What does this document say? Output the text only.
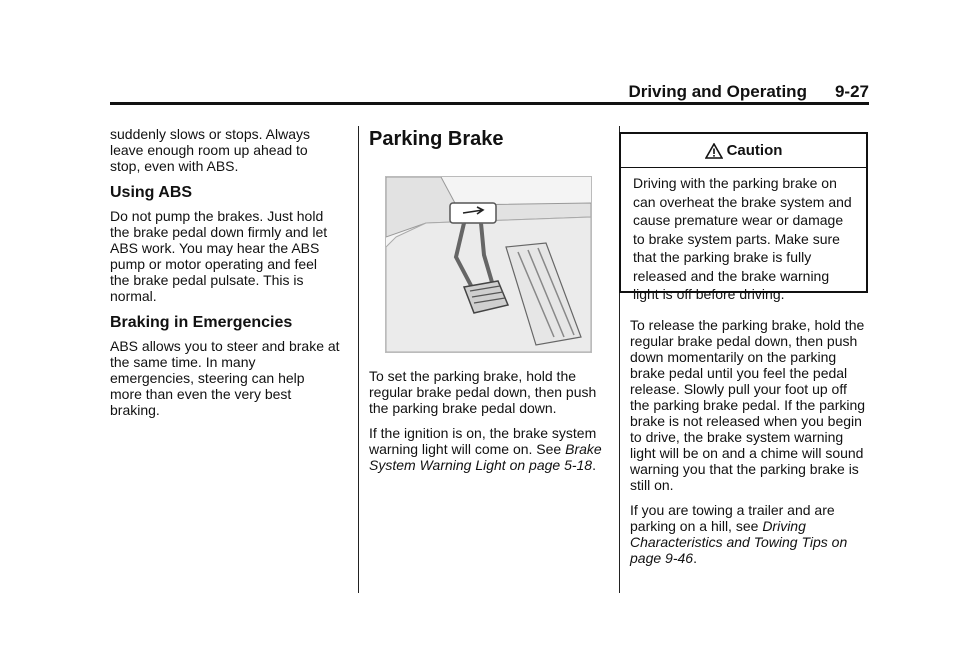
Driving and Operating 9-27

suddenly slows or stops. Always leave enough room up ahead to stop, even with ABS.

Using ABS

Do not pump the brakes. Just hold the brake pedal down firmly and let ABS work. You may hear the ABS pump or motor operating and feel the brake pedal pulsate. This is normal.

Braking in Emergencies

ABS allows you to steer and brake at the same time. In many emergencies, steering can help more than even the very best braking.

Parking Brake

To set the parking brake, hold the regular brake pedal down, then push the parking brake pedal down.

If the ignition is on, the brake system warning light will come on. See Brake System Warning Light on page 5-18.

Caution
Driving with the parking brake on can overheat the brake system and cause premature wear or damage to brake system parts. Make sure that the parking brake is fully released and the brake warning light is off before driving.

To release the parking brake, hold the regular brake pedal down, then push down momentarily on the parking brake pedal until you feel the pedal release. Slowly pull your foot up off the parking brake pedal. If the parking brake is not released when you begin to drive, the brake system warning light will be on and a chime will sound warning you that the parking brake is still on.

If you are towing a trailer and are parking on a hill, see Driving Characteristics and Towing Tips on page 9-46.
